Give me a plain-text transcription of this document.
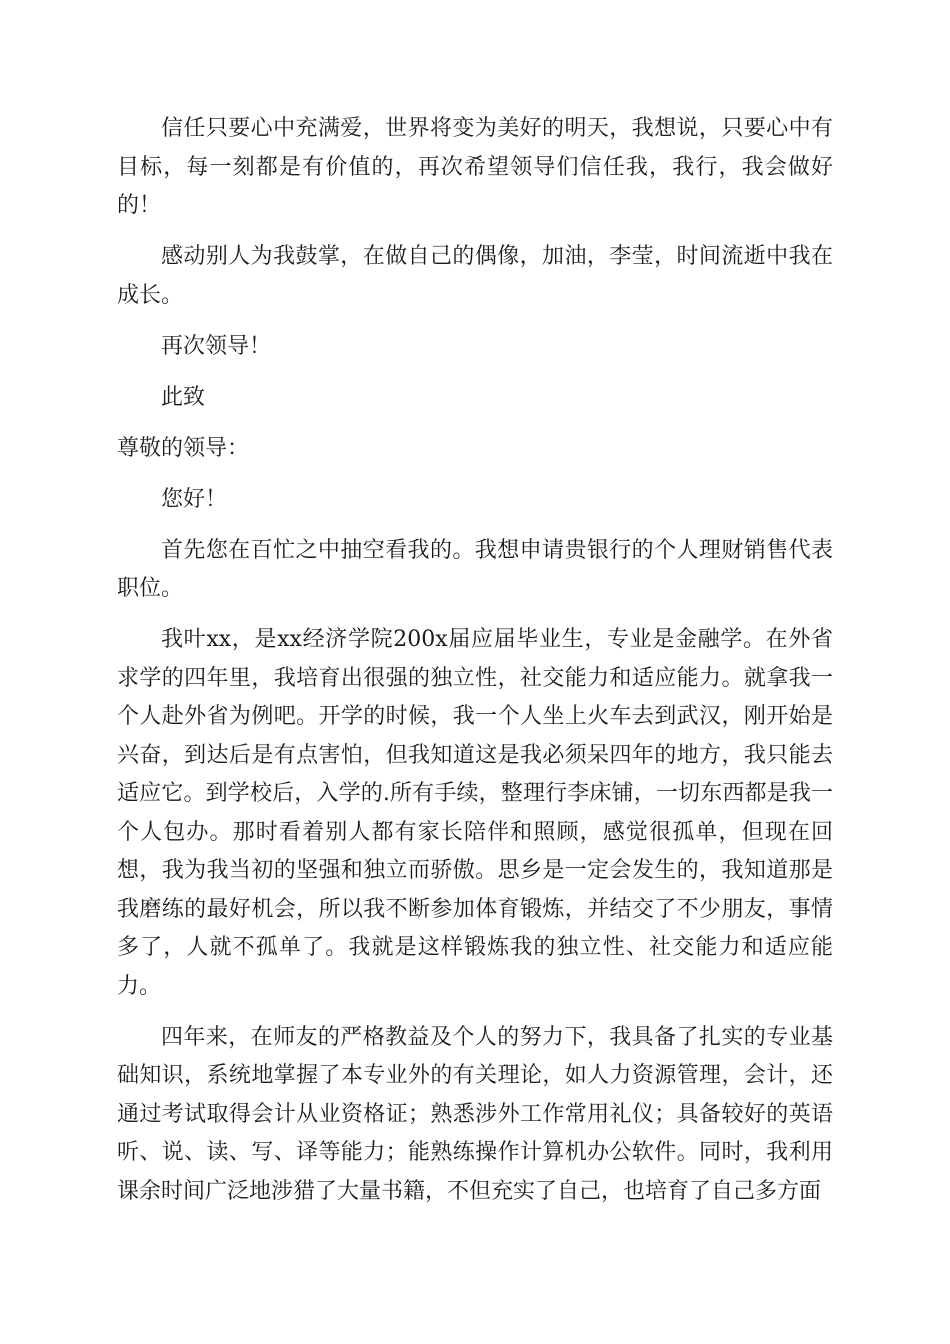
信任只要心中充满爱，世界将变为美好的明天，我想说，只要心中有目标，每一刻都是有价值的，再次希望领导们信任我，我行，我会做好的！

感动别人为我鼓掌，在做自己的偶像，加油，李莹，时间流逝中我在成长。

再次领导！

此致

尊敬的领导：

您好！

首先您在百忙之中抽空看我的。我想申请贵银行的个人理财销售代表职位。

我叶xx，是xx经济学院200x届应届毕业生，专业是金融学。在外省求学的四年里，我培育出很强的独立性，社交能力和适应能力。就拿我一个人赴外省为例吧。开学的时候，我一个人坐上火车去到武汉，刚开始是兴奋，到达后是有点害怕，但我知道这是我必须呆四年的地方，我只能去适应它。到学校后，入学的.所有手续，整理行李床铺，一切东西都是我一个人包办。那时看着别人都有家长陪伴和照顾，感觉很孤单，但现在回想，我为我当初的坚强和独立而骄傲。思乡是一定会发生的，我知道那是我磨练的最好机会，所以我不断参加体育锻炼，并结交了不少朋友，事情多了，人就不孤单了。我就是这样锻炼我的独立性、社交能力和适应能力。

四年来，在师友的严格教益及个人的努力下，我具备了扎实的专业基础知识，系统地掌握了本专业外的有关理论，如人力资源管理，会计，还通过考试取得会计从业资格证；熟悉涉外工作常用礼仪；具备较好的英语听、说、读、写、译等能力；能熟练操作计算机办公软件。同时，我利用课余时间广泛地涉猎了大量书籍，不但充实了自己，也培育了自己多方面
